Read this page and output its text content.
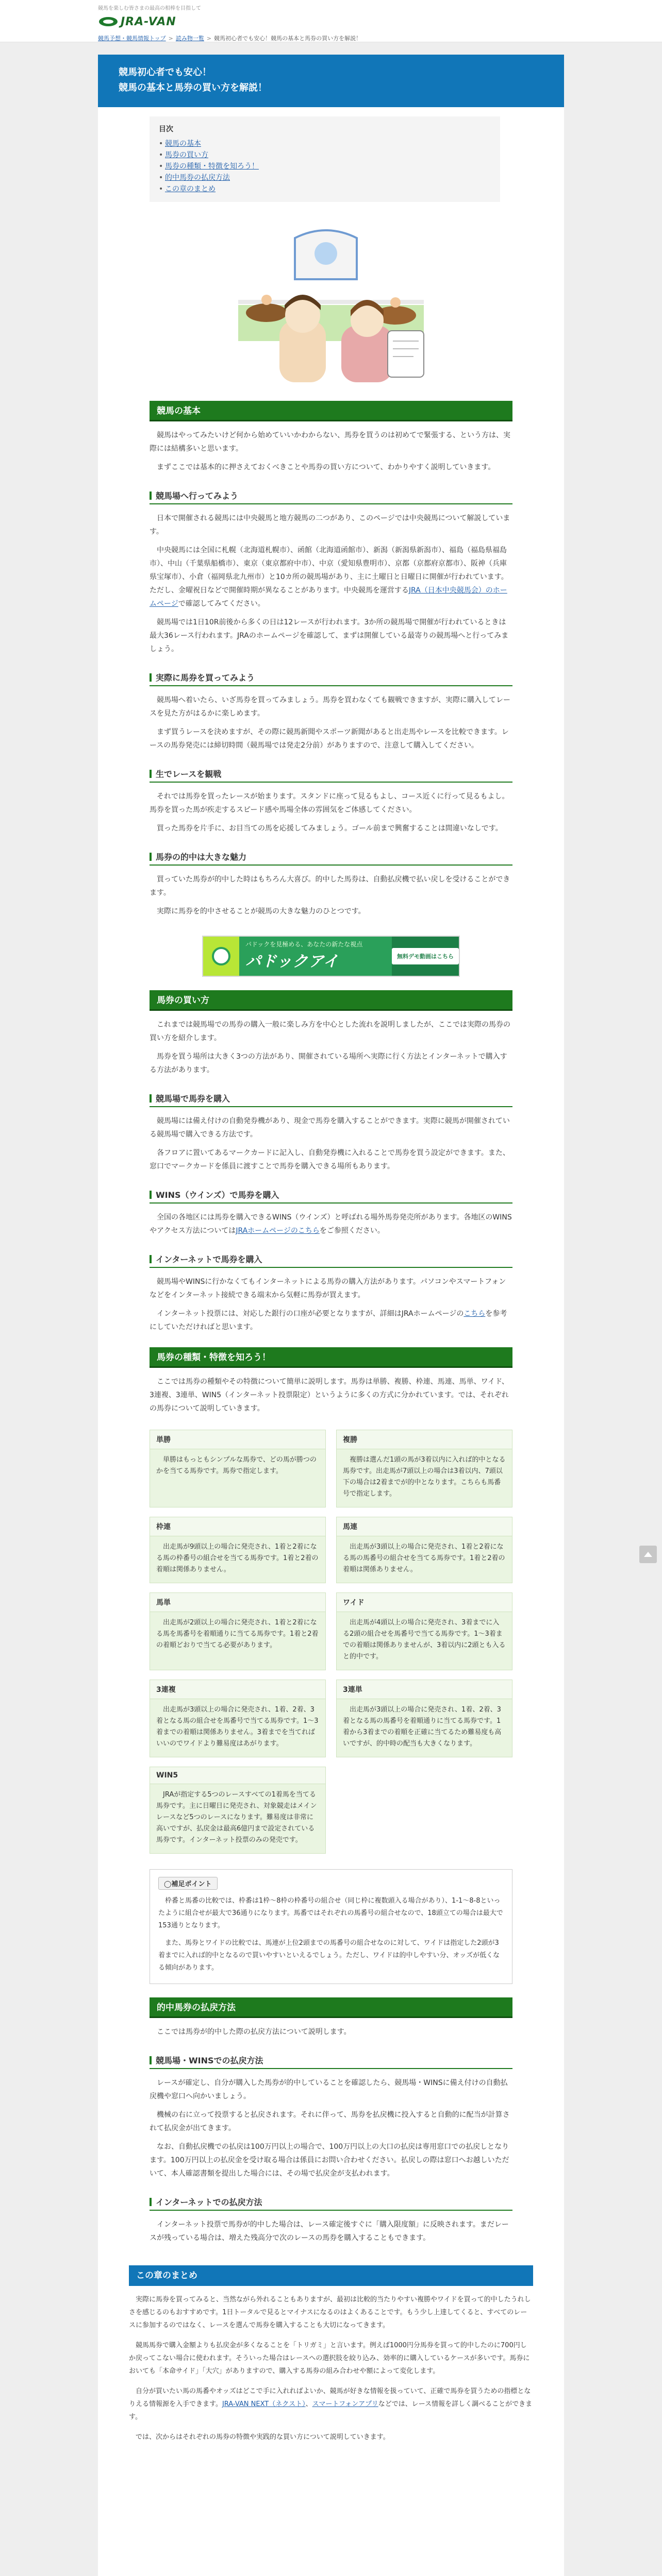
競馬を楽しむ皆さまの最高の相棒を目指して
JRA-VAN
競馬予想・競馬情報トップ > 読み物一覧 > 競馬初心者でも安心！競馬の基本と馬券の買い方を解説！
競馬初心者でも安心！
競馬の基本と馬券の買い方を解説！
目次
• 競馬の基本
• 馬券の買い方
• 馬券の種類・特徴を知ろう！
• 的中馬券の払戻方法
• この章のまとめ
競馬の基本

競馬はやってみたいけど何から始めていいかわからない、馬券を買うのは初めてで緊張する、という方は、実際には結構多いと思います。

まずここでは基本的に押さえておくべきことや馬券の買い方について、わかりやすく説明していきます。

競馬場へ行ってみよう

日本で開催される競馬には中央競馬と地方競馬の二つがあり、このページでは中央競馬について解説しています。

中央競馬には全国に札幌（北海道札幌市）、函館（北海道函館市）、新潟（新潟県新潟市）、福島（福島県福島市）、中山（千葉県船橋市）、東京（東京都府中市）、中京（愛知県豊明市）、京都（京都府京都市）、阪神（兵庫県宝塚市）、小倉（福岡県北九州市）と10カ所の競馬場があり、主に土曜日と日曜日に開催が行われています。ただし、金曜祝日などで開催時期が異なることがあります。中央競馬を運営するJRA（日本中央競馬会）のホームページで確認してみてください。

競馬場では1日10R前後から多くの日は12レースが行われます。3か所の競馬場で開催が行われているときは最大36レース行われます。JRAのホームページを確認して、まずは開催している最寄りの競馬場へと行ってみましょう。

実際に馬券を買ってみよう

競馬場へ着いたら、いざ馬券を買ってみましょう。馬券を買わなくても観戦できますが、実際に購入してレースを見た方がはるかに楽しめます。

まず買うレースを決めますが、その際に競馬新聞やスポーツ新聞があると出走馬やレースを比較できます。レースの馬券発売には締切時間（競馬場では発走2分前）がありますので、注意して購入してください。

生でレースを観戦

それでは馬券を買ったレースが始まります。スタンドに座って見るもよし、コース近くに行って見るもよし。馬券を買った馬が疾走するスピード感や馬場全体の雰囲気をご体感してください。

買った馬券を片手に、お目当ての馬を応援してみましょう。ゴール前まで興奮することは間違いなしです。

馬券の的中は大きな魅力

買っていた馬券が的中した時はもちろん大喜び。的中した馬券は、自動払戻機で払い戻しを受けることができます。

実際に馬券を的中させることが競馬の大きな魅力のひとつです。

パドックを見極める、あなたの新たな視点
パドックアイ	無料デモ動画はこちら
馬券の買い方

これまでは競馬場での馬券の購入一般に楽しみ方を中心とした流れを説明しましたが、ここでは実際の馬券の買い方を紹介します。

馬券を買う場所は大きく3つの方法があり、開催されている場所へ実際に行く方法とインターネットで購入する方法があります。

競馬場で馬券を購入

競馬場には備え付けの自動発券機があり、現金で馬券を購入することができます。実際に競馬が開催されている競馬場で購入できる方法です。

各フロアに置いてあるマークカードに記入し、自動発券機に入れることで馬券を買う設定ができます。また、窓口でマークカードを係員に渡すことで馬券を購入できる場所もあります。

WINS（ウインズ）で馬券を購入

全国の各地区には馬券を購入できるWINS（ウインズ）と呼ばれる場外馬券発売所があります。各地区のWINSやアクセス方法についてはJRAホームページのこちらをご参照ください。

インターネットで馬券を購入

競馬場やWINSに行かなくてもインターネットによる馬券の購入方法があります。パソコンやスマートフォンなどをインターネット接続できる端末から気軽に馬券が買えます。

インターネット投票には、対応した銀行の口座が必要となりますが、詳細はJRAホームページのこちらを参考にしていただければと思います。

馬券の種類・特徴を知ろう！

ここでは馬券の種類やその特徴について簡単に説明します。馬券は単勝、複勝、枠連、馬連、馬単、ワイド、3連複、3連単、WIN5（インターネット投票限定）というように多くの方式に分かれています。では、それぞれの馬券について説明していきます。

単勝
単勝はもっともシンプルな馬券で、どの馬が勝つのかを当てる馬券です。馬券で指定します。
複勝
複勝は選んだ1頭の馬が3着以内に入れば的中となる馬券です。出走馬が7頭以上の場合は3着以内、7頭以下の場合は2着までが的中となります。こちらも馬番号で指定します。
枠連
出走馬が9頭以上の場合に発売され、1着と2着になる馬の枠番号の組合せを当てる馬券です。1着と2着の着順は関係ありません。
馬連
出走馬が3頭以上の場合に発売され、1着と2着になる馬の馬番号の組合せを当てる馬券です。1着と2着の着順は関係ありません。
馬単
出走馬が2頭以上の場合に発売され、1着と2着になる馬を馬番号を着順通りに当てる馬券です。1着と2着の着順どおりで当てる必要があります。
ワイド
出走馬が4頭以上の場合に発売され、3着までに入る2頭の組合せを馬番号で当てる馬券です。1〜3着までの着順は関係ありませんが、3着以内に2頭とも入ると的中です。
3連複
出走馬が3頭以上の場合に発売され、1着、2着、3着となる馬の組合せを馬番号で当てる馬券です。1〜3着までの着順は関係ありません。3着までを当てればいいのでワイドより難易度はあがります。
3連単
出走馬が3頭以上の場合に発売され、1着、2着、3着となる馬の馬番号を着順通りに当てる馬券です。1着から3着までの着順を正確に当てるため難易度も高いですが、的中時の配当も大きくなります。
WIN5
JRAが指定する5つのレースすべての1着馬を当てる馬券です。主に日曜日に発売され、対象競走はメインレースなど5つのレースになります。難易度は非常に高いですが、払戻金は最高6億円まで設定されている馬券です。インターネット投票のみの発売です。
◯補足ポイント

枠番と馬番の比較では、枠番は1枠〜8枠の枠番号の組合せ（同じ枠に複数頭入る場合があり）、1-1〜8-8といったように組合せが最大で36通りになります。馬番ではそれぞれの馬番号の組合せなので、18頭立ての場合は最大で153通りとなります。

また、馬券とワイドの比較では、馬連が上位2頭までの馬番号の組合せなのに対して、ワイドは指定した2頭が3着までに入れば的中となるので買いやすいといえるでしょう。ただし、ワイドは的中しやすい分、オッズが低くなる傾向があります。

的中馬券の払戻方法

ここでは馬券が的中した際の払戻方法について説明します。

競馬場・WINSでの払戻方法

レースが確定し、自分が購入した馬券が的中していることを確認したら、競馬場・WINSに備え付けの自動払戻機や窓口へ向かいましょう。

機械の右に立って投票すると払戻されます。それに伴って、馬券を払戻機に投入すると自動的に配当が計算されて払戻金が出てきます。

なお、自動払戻機での払戻は100万円以上の場合で、100万円以上の大口の払戻は専用窓口での払戻しとなります。100万円以上の払戻金を受け取る場合は係員にお問い合わせください。払戻しの際は窓口へお越しいただいて、本人確認書類を提出した場合には、その場で払戻金が支払われます。

インターネットでの払戻方法

インターネット投票で馬券が的中した場合は、レース確定後すぐに「購入限度額」に反映されます。まだレースが残っている場合は、増えた残高分で次のレースの馬券を購入することもできます。

この章のまとめ

実際に馬券を買ってみると、当然ながら外れることもありますが、最初は比較的当たりやすい複勝やワイドを買って的中したうれしさを感じるのもおすすめです。1日トータルで見るとマイナスになるのはよくあることです。もう少し上達してくると、すべてのレースに参加するのではなく、レースを選んで馬券を購入することも大切になってきます。

競馬馬券で購入金額よりも払戻金が多くなることを「トリガミ」と言います。例えば1000円分馬券を買って的中したのに700円しか戻ってこない場合に使われます。そういった場合はレースへの選択肢を絞り込み、効率的に購入しているケースが多いです。馬券においても「本命サイド」「大穴」がありますので、購入する馬券の組み合わせや額によって変化します。

自分が買いたい馬の馬番やオッズはどこで手に入れればよいか、競馬が好きな情報を扱っていて、正確で馬券を買うための指標となりえる情報源を入手できます。JRA-VAN NEXT（ネクスト）、スマートフォンアプリなどでは、レース情報を詳しく調べることができます。

では、次からはそれぞれの馬券の特徴や実践的な買い方について説明していきます。
